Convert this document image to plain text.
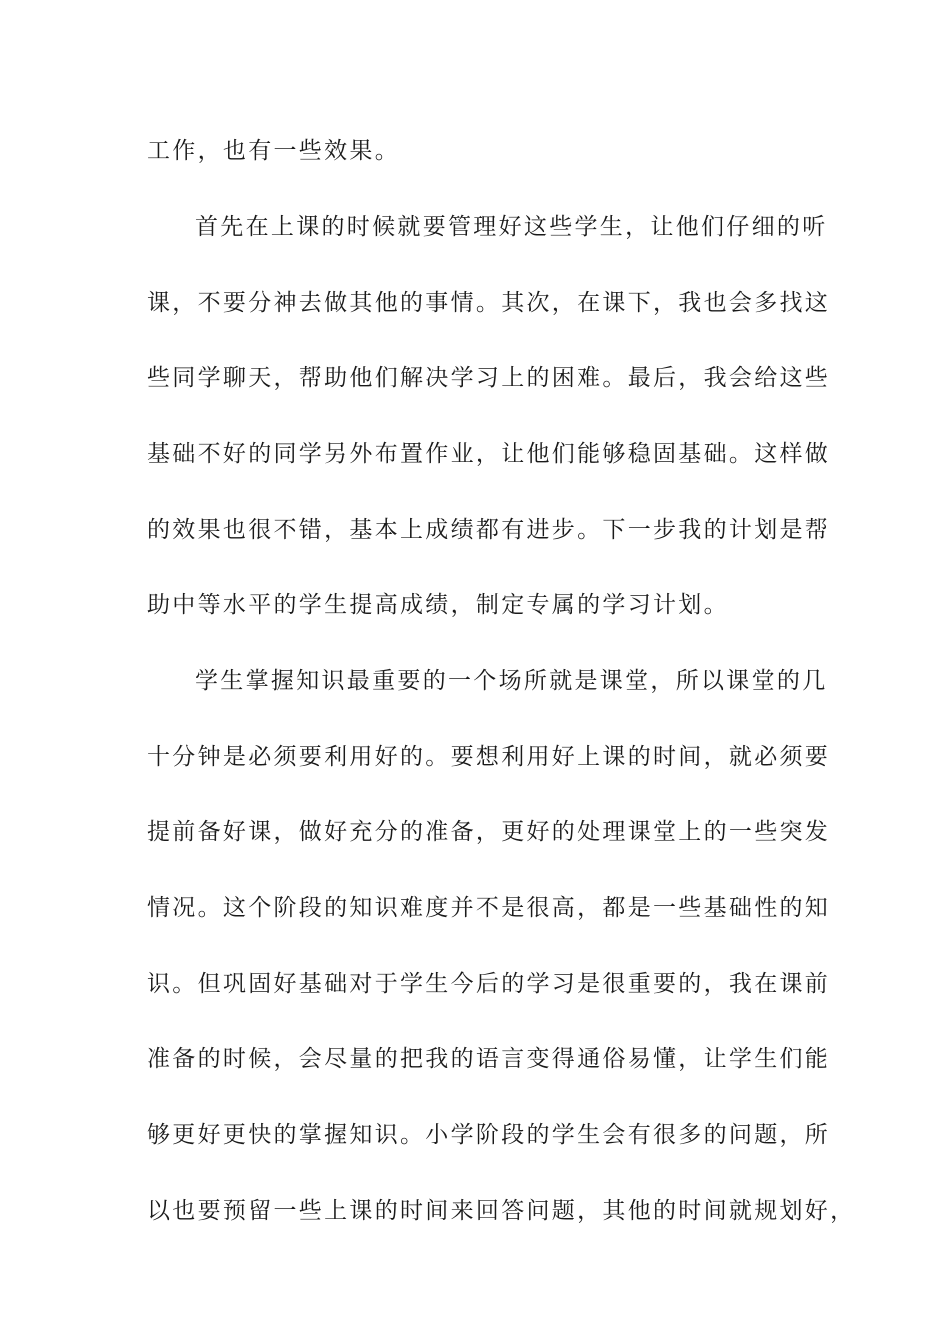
工作，也有一些效果。
首先在上课的时候就要管理好这些学生，让他们仔细的听
课，不要分神去做其他的事情。其次，在课下，我也会多找这
些同学聊天，帮助他们解决学习上的困难。最后，我会给这些
基础不好的同学另外布置作业，让他们能够稳固基础。这样做
的效果也很不错，基本上成绩都有进步。下一步我的计划是帮
助中等水平的学生提高成绩，制定专属的学习计划。
学生掌握知识最重要的一个场所就是课堂，所以课堂的几
十分钟是必须要利用好的。要想利用好上课的时间，就必须要
提前备好课，做好充分的准备，更好的处理课堂上的一些突发
情况。这个阶段的知识难度并不是很高，都是一些基础性的知
识。但巩固好基础对于学生今后的学习是很重要的，我在课前
准备的时候，会尽量的把我的语言变得通俗易懂，让学生们能
够更好更快的掌握知识。小学阶段的学生会有很多的问题，所
以也要预留一些上课的时间来回答问题，其他的时间就规划好，
